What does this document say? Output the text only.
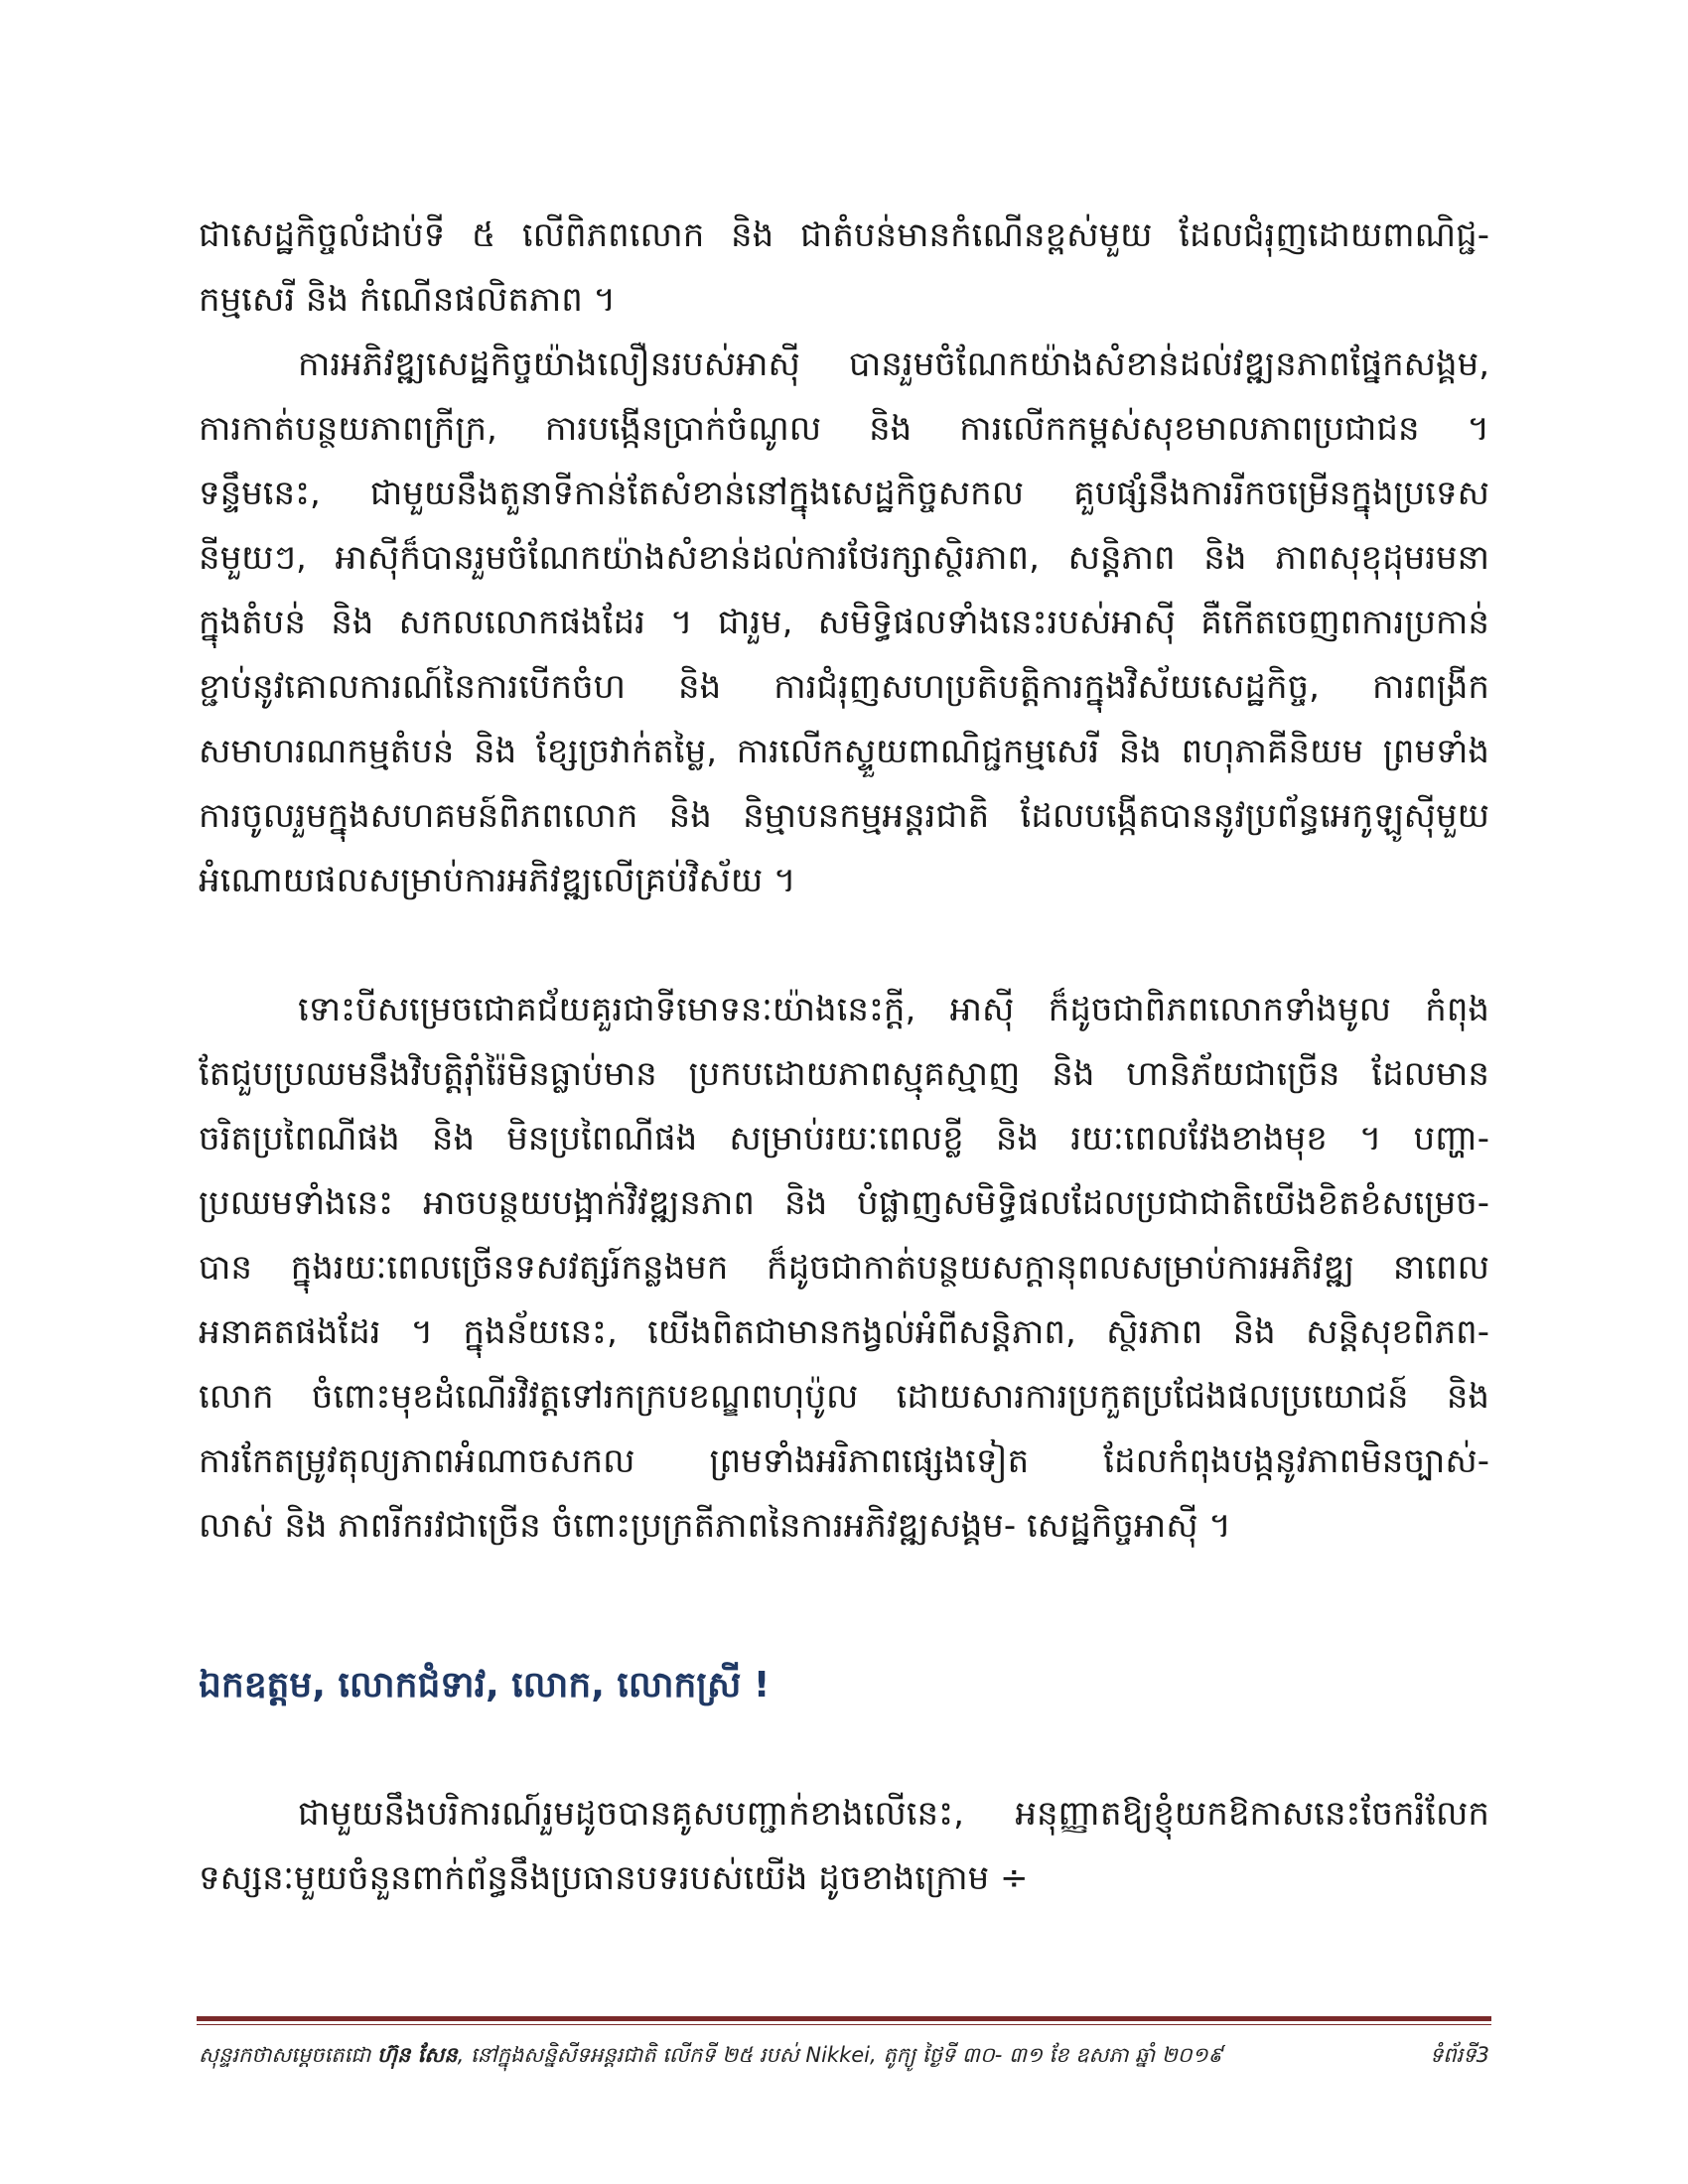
ជាសេដ្ឋកិច្ចលំដាប់ទី ៥ លើពិភពលោក និង ជាតំបន់មានកំណើនខ្ពស់មួយ ដែលជំរុញដោយពាណិជ្ជ-
កម្មសេរី និង កំណើនផលិតភាព ។
ការអភិវឌ្ឍសេដ្ឋកិច្ចយ៉ាងលឿនរបស់អាស៊ី បានរួមចំណែកយ៉ាងសំខាន់ដល់វឌ្ឍនភាពផ្នែកសង្គម,
ការកាត់បន្ថយភាពក្រីក្រ, ការបង្កើនប្រាក់ចំណូល និង ការលើកកម្ពស់សុខមាលភាពប្រជាជន ។
ទន្ទឹមនេះ, ជាមួយនឹងតួនាទីកាន់តែសំខាន់នៅក្នុងសេដ្ឋកិច្ចសកល គួបផ្សំនឹងការរីកចម្រើនក្នុងប្រទេស
នីមួយៗ, អាស៊ីក៏បានរួមចំណែកយ៉ាងសំខាន់ដល់ការថែរក្សាស្ថិរភាព, សន្តិភាព និង ភាពសុខុដុមរមនា
ក្នុងតំបន់ និង សកលលោកផងដែរ ។ ជារួម, សមិទ្ធិផលទាំងនេះរបស់អាស៊ី គឺកើតចេញពការប្រកាន់
ខ្ជាប់នូវគោលការណ៍នៃការបើកចំហ និង ការជំរុញសហប្រតិបត្តិការក្នុងវិស័យសេដ្ឋកិច្ច, ការពង្រីក
សមាហរណកម្មតំបន់ និង ខ្សែច្រវាក់តម្លៃ, ការលើកស្ទួយពាណិជ្ជកម្មសេរី និង ពហុភាគីនិយម ព្រមទាំង
ការចូលរួមក្នុងសហគមន៍ពិភពលោក និង និម្មាបនកម្មអន្តរជាតិ ដែលបង្កើតបាននូវប្រព័ន្ធអេកូឡូស៊ីមួយ
អំណោយផលសម្រាប់ការអភិវឌ្ឍលើគ្រប់វិស័យ ។
ទោះបីសម្រេចជោគជ័យគួរជាទីមោទនៈយ៉ាងនេះក្តី, អាស៊ី ក៏ដូចជាពិភពលោកទាំងមូល កំពុង
តែជួបប្រឈមនឹងវិបត្តិរ៉ាំរ៉ៃមិនធ្លាប់មាន ប្រកបដោយភាពស្មុគស្មាញ និង ហានិភ័យជាច្រើន ដែលមាន
ចរិតប្រពៃណីផង និង មិនប្រពៃណីផង សម្រាប់រយៈពេលខ្លី និង រយៈពេលវែងខាងមុខ ។ បញ្ហា-
ប្រឈមទាំងនេះ អាចបន្ថយបង្អាក់វិវឌ្ឍនភាព និង បំផ្លាញសមិទ្ធិផលដែលប្រជាជាតិយើងខិតខំសម្រេច-
បាន ក្នុងរយៈពេលច្រើនទសវត្សរ៍កន្លងមក ក៏ដូចជាកាត់បន្ថយសក្តានុពលសម្រាប់ការអភិវឌ្ឍ នាពេល
អនាគតផងដែរ ។ ក្នុងន័យនេះ, យើងពិតជាមានកង្វល់អំពីសន្តិភាព, ស្ថិរភាព និង សន្តិសុខពិភព-
លោក ចំពោះមុខដំណើរវិវត្តទៅរកក្របខណ្ឌពហុប៉ូល ដោយសារការប្រកួតប្រជែងផលប្រយោជន៍ និង
ការកែតម្រូវតុល្យភាពអំណាចសកល ព្រមទាំងអរិភាពផ្សេងទៀត ដែលកំពុងបង្កនូវភាពមិនច្បាស់-
លាស់ និង ភាពរីករវជាច្រើន ចំពោះប្រក្រតីភាពនៃការអភិវឌ្ឍសង្គម- សេដ្ឋកិច្ចអាស៊ី ។
ឯកឧត្តម, លោកជំទាវ, លោក, លោកស្រី !
ជាមួយនឹងបរិការណ៍រួមដូចបានគូសបញ្ជាក់ខាងលើនេះ, អនុញ្ញាតឱ្យខ្ញុំយកឱកាសនេះចែករំលែក
ទស្សនៈមួយចំនួនពាក់ព័ន្ធនឹងប្រធានបទរបស់យើង ដូចខាងក្រោម ÷
សុន្ទរកថាសម្តេចតេជោ ហ៊ុន សែន, នៅក្នុងសន្និសីទអន្តរជាតិ លើកទី ២៥ របស់ Nikkei, តូក្យូ ថ្ងៃទី ៣០- ៣១ ខែ ឧសភា ឆ្នាំ ២០១៩	ទំព័រទី3
